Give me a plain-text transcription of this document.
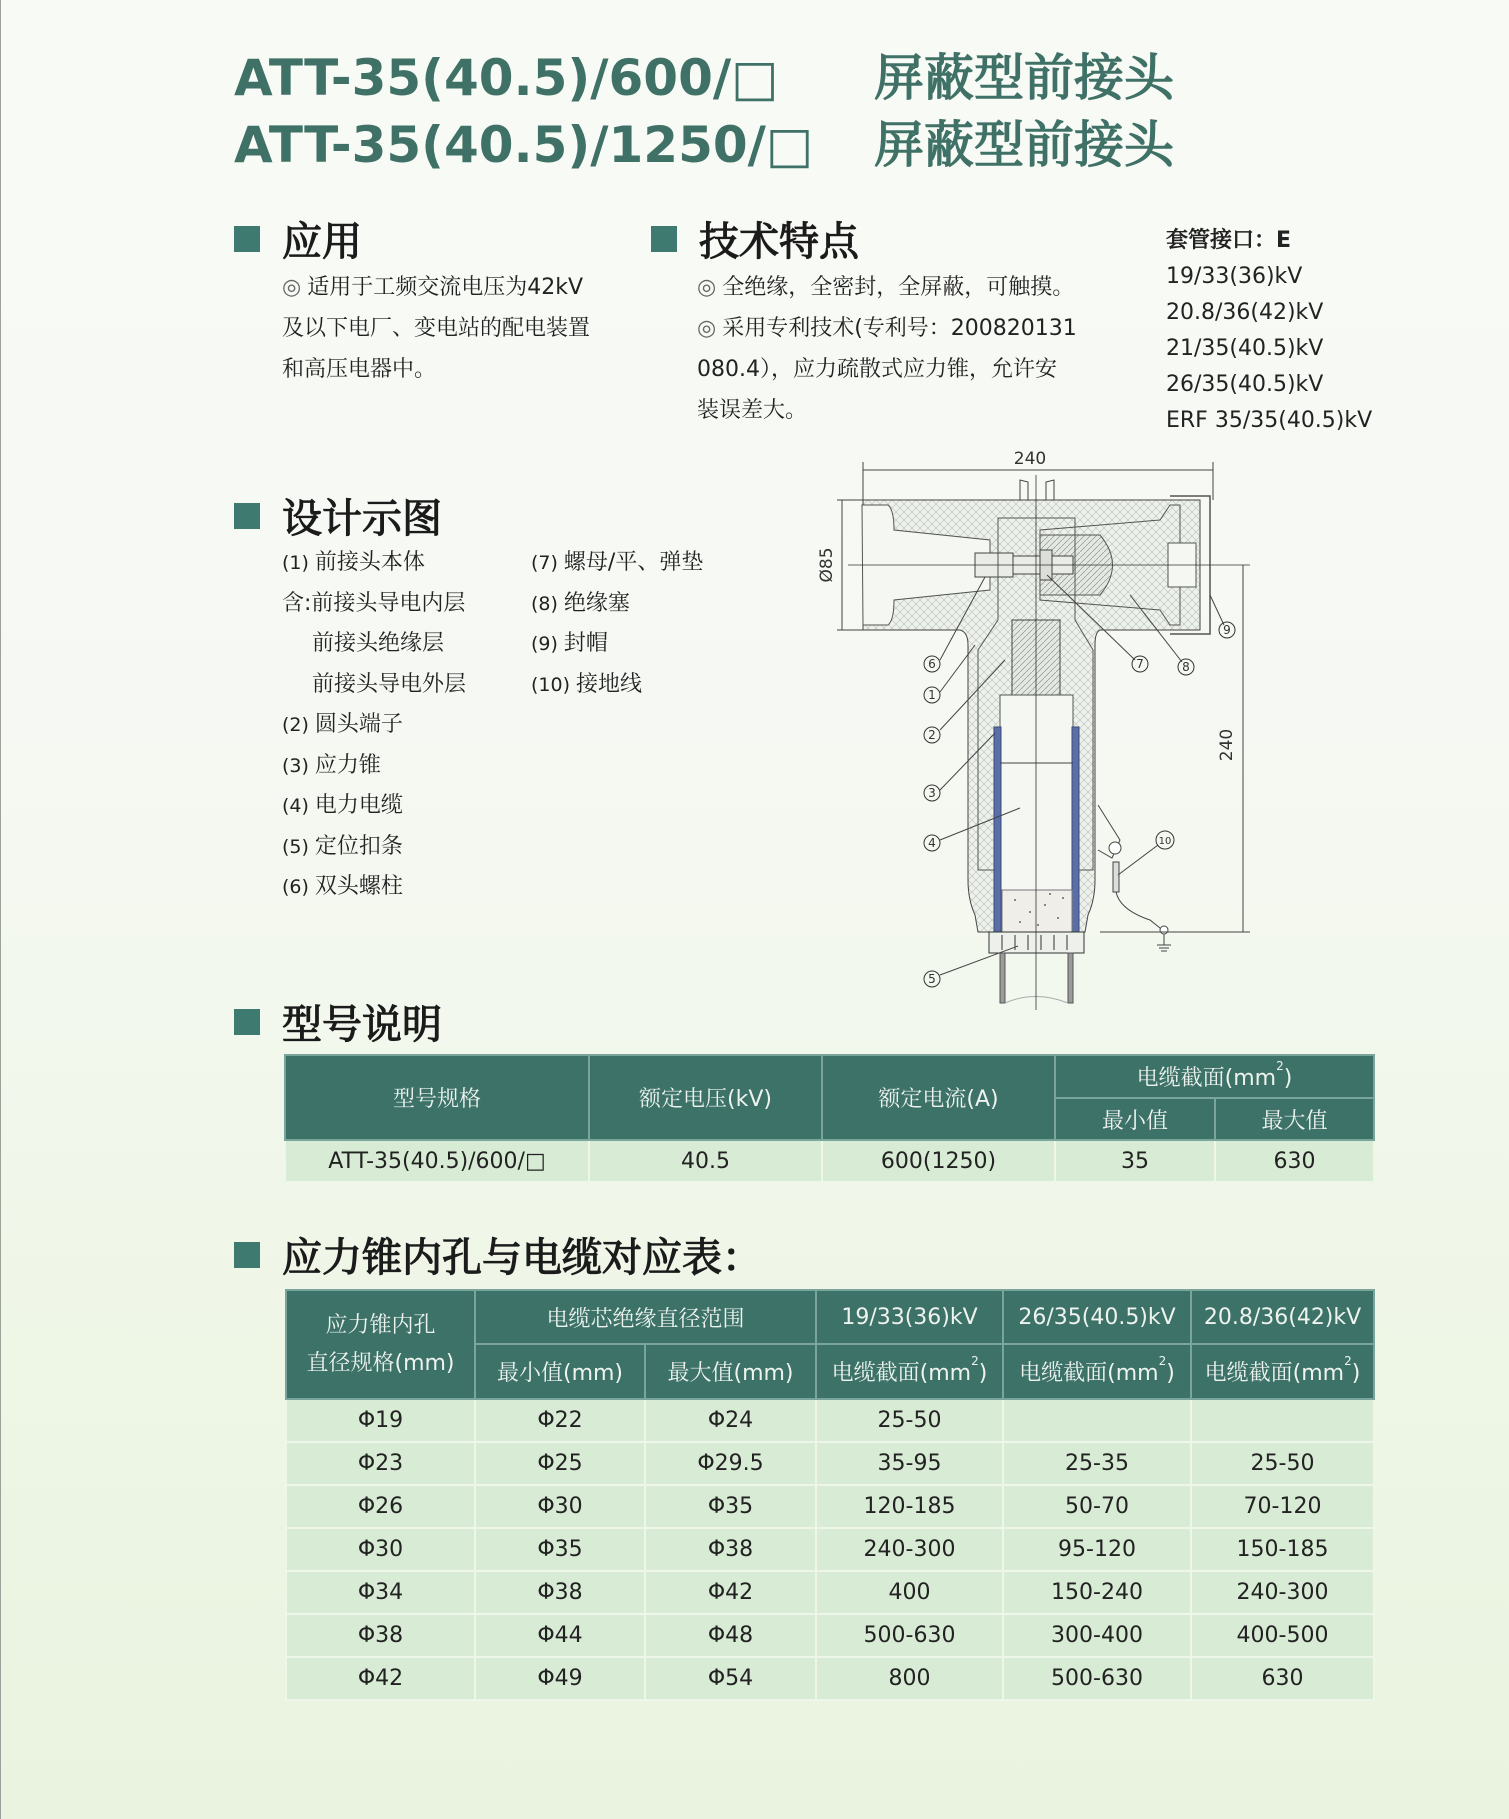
ATT-35(40.5)/600/□ 屏蔽型前接头
ATT-35(40.5)/1250/□ 屏蔽型前接头
应用
◎ 适用于工频交流电压为42kV
及以下电厂、变电站的配电装置
和高压电器中。
技术特点
◎ 全绝缘，全密封，全屏蔽，可触摸。
◎ 采用专利技术(专利号：200820131
080.4），应力疏散式应力锥，允许安
装误差大。
套管接口：E
19/33(36)kV
20.8/36(42)kV
21/35(40.5)kV
26/35(40.5)kV
ERF 35/35(40.5)kV
设计示图
(1) 前接头本体
含:前接头导电内层
前接头绝缘层
前接头导电外层
(2) 圆头端子
(3) 应力锥
(4) 电力电缆
(5) 定位扣条
(6) 双头螺柱
(7) 螺母/平、弹垫
(8) 绝缘塞
(9) 封帽
(10) 接地线
6
1
2
3
4
5
7	8
9
10
240
Ø85
240
型号说明
型号规格	额定电压(kV)	额定电流(A)	电缆截面$(mm^2)$	
			最小值	最大值
ATT-35(40.5)/600/□	40.5	600(1250)	35	630
应力锥内孔与电缆对应表：
应力锥内孔
直径规格(mm)	电缆芯绝缘直径范围		19/33(36)kV	26/35(40.5)kV	20.8/36(42)kV
	最小值(mm)	最大值(mm)	电缆截面$(mm^2)$	电缆截面$(mm^2)$	电缆截面$(mm^2)$
Φ19	Φ22	Φ24	25-50		
Φ23	Φ25	Φ29.5	35-95	25-35	25-50
Φ26	Φ30	Φ35	120-185	50-70	70-120
Φ30	Φ35	Φ38	240-300	95-120	150-185
Φ34	Φ38	Φ42	400	150-240	240-300
Φ38	Φ44	Φ48	500-630	300-400	400-500
Φ42	Φ49	Φ54	800	500-630	630
